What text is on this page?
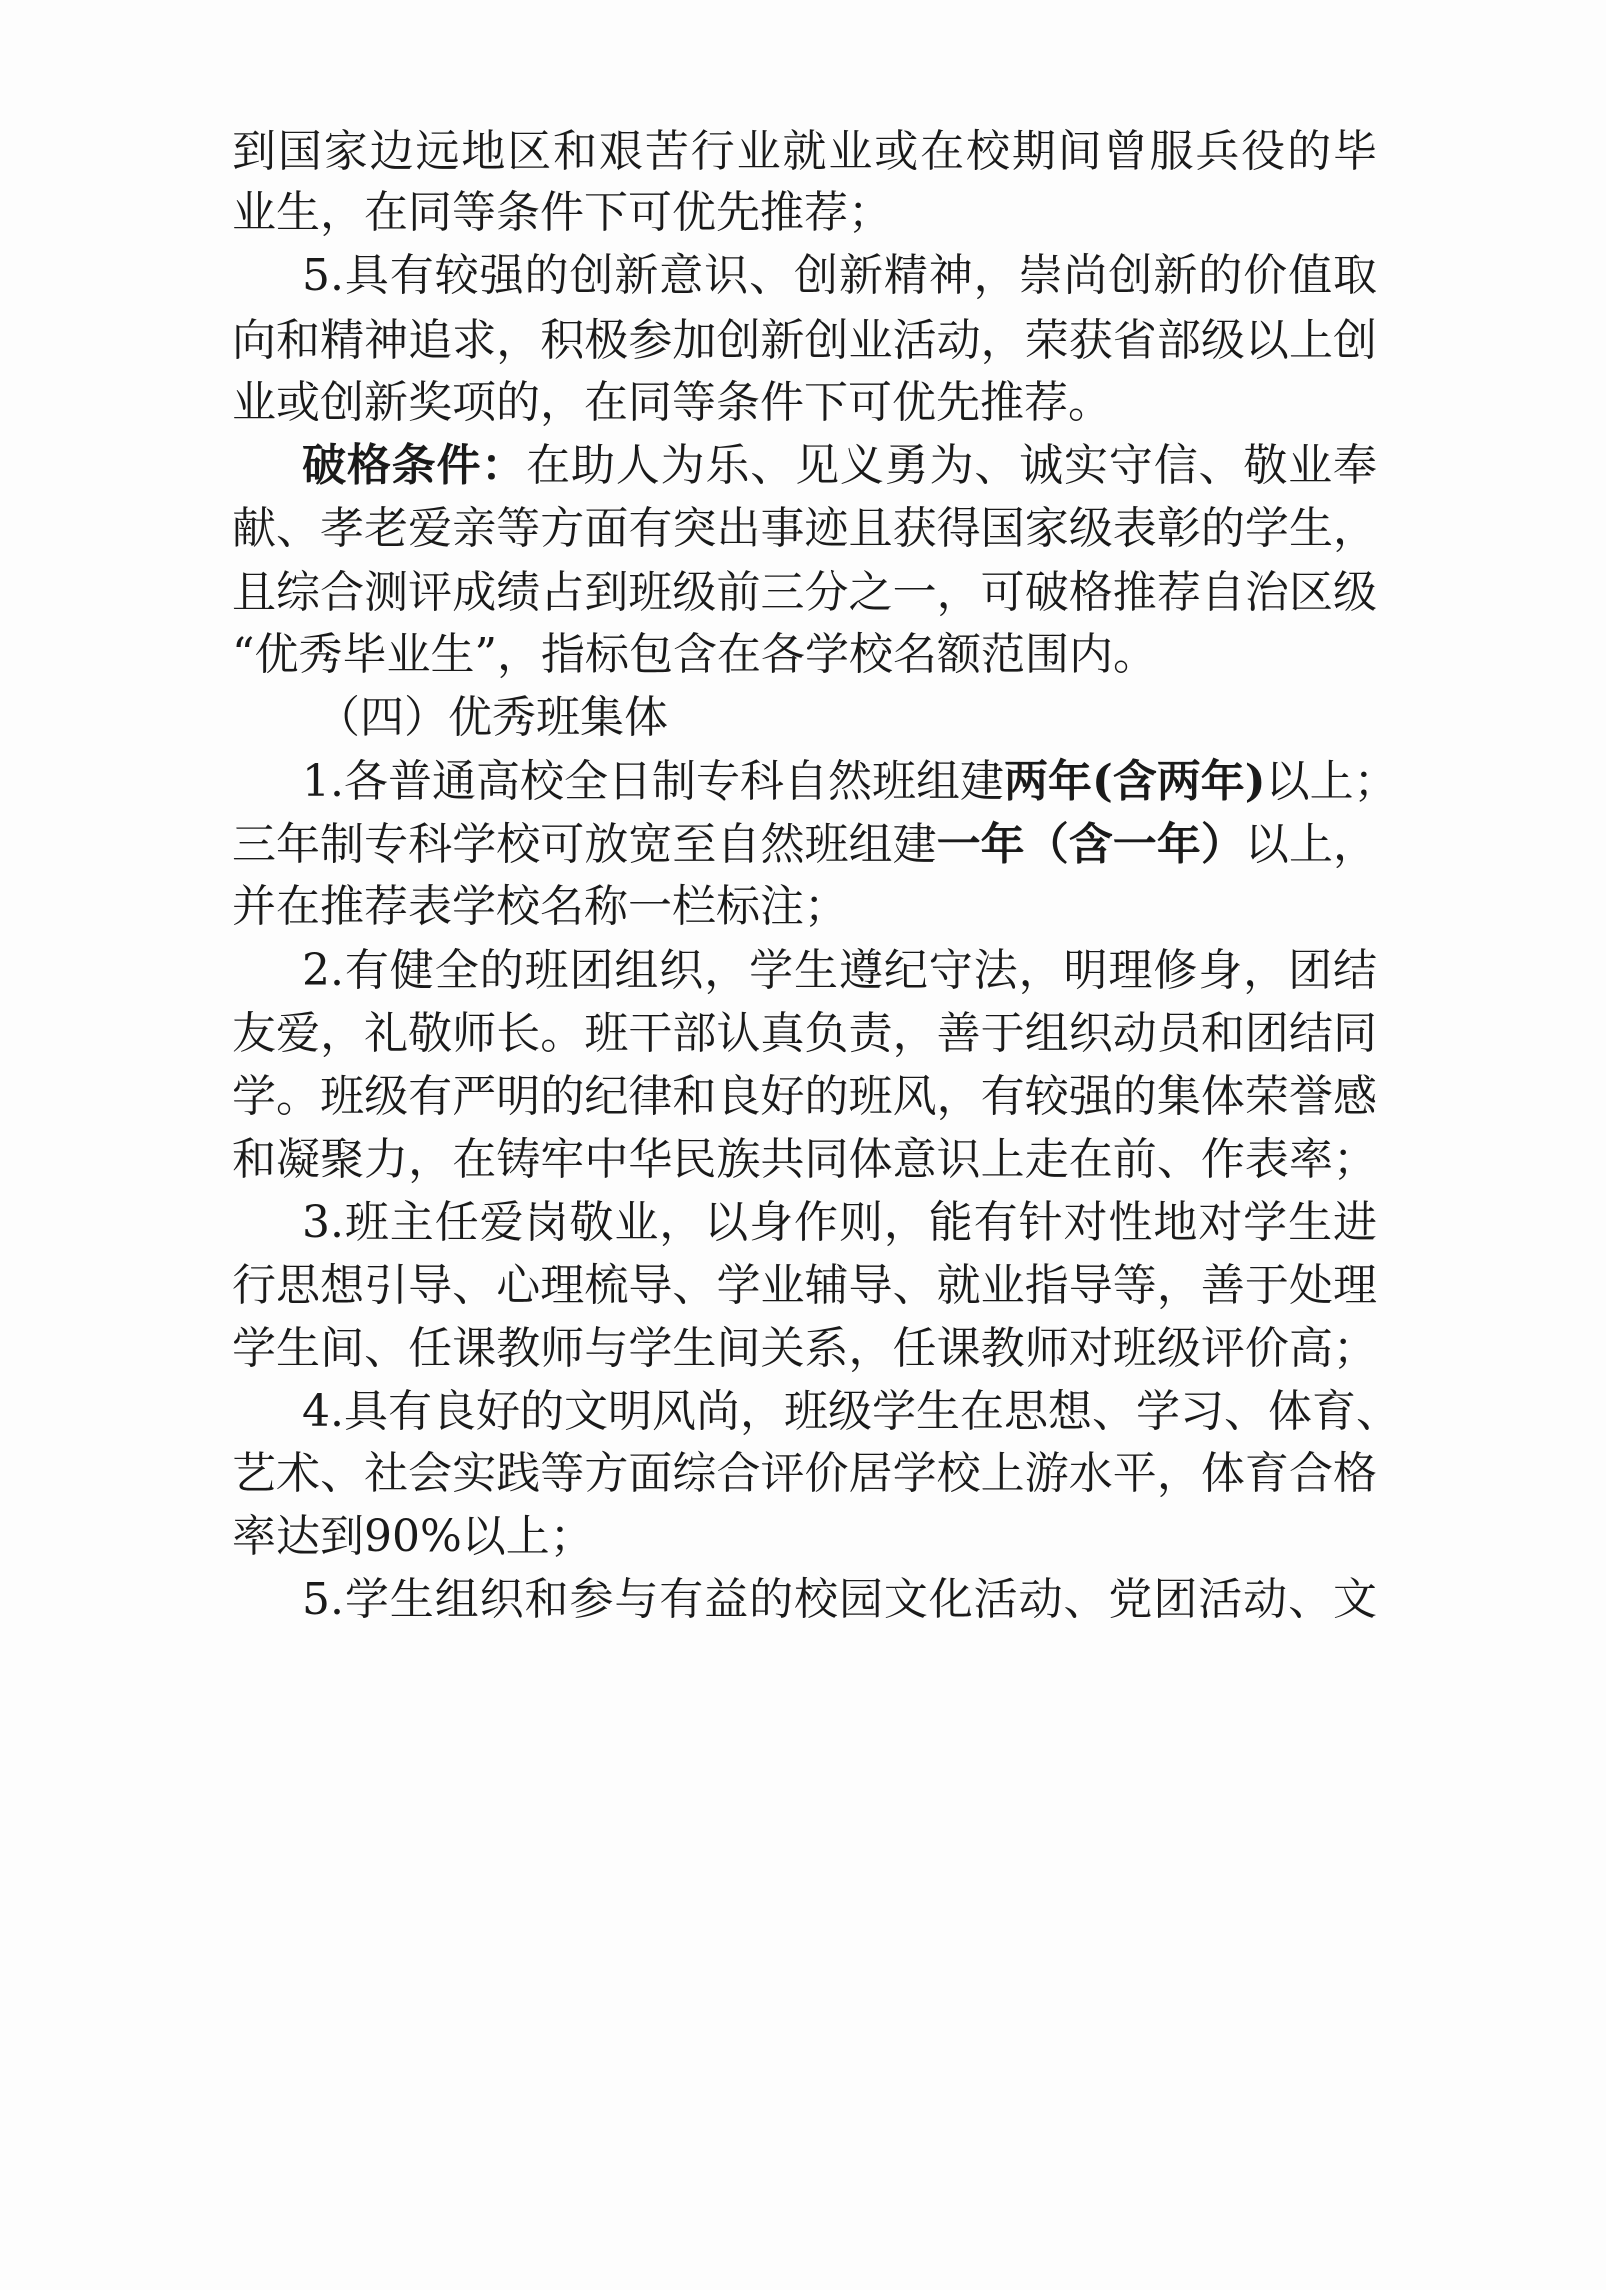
到国家边远地区和艰苦行业就业或在校期间曾服兵役的毕
业生，在同等条件下可优先推荐；
5.具有较强的创新意识、创新精神，崇尚创新的价值取
向和精神追求，积极参加创新创业活动，荣获省部级以上创
业或创新奖项的，在同等条件下可优先推荐。
破格条件：在助人为乐、见义勇为、诚实守信、敬业奉
献、孝老爱亲等方面有突出事迹且获得国家级表彰的学生，
且综合测评成绩占到班级前三分之一，可破格推荐自治区级
“优秀毕业生”，指标包含在各学校名额范围内。
（四）优秀班集体
1.各普通高校全日制专科自然班组建两年(含两年)以上；
三年制专科学校可放宽至自然班组建一年（含一年）以上，
并在推荐表学校名称一栏标注；
2.有健全的班团组织，学生遵纪守法，明理修身，团结
友爱，礼敬师长。班干部认真负责，善于组织动员和团结同
学。班级有严明的纪律和良好的班风，有较强的集体荣誉感
和凝聚力，在铸牢中华民族共同体意识上走在前、作表率；
3.班主任爱岗敬业，以身作则，能有针对性地对学生进
行思想引导、心理梳导、学业辅导、就业指导等，善于处理
学生间、任课教师与学生间关系，任课教师对班级评价高；
4.具有良好的文明风尚，班级学生在思想、学习、体育、
艺术、社会实践等方面综合评价居学校上游水平，体育合格
率达到90%以上；
5.学生组织和参与有益的校园文化活动、党团活动、文
